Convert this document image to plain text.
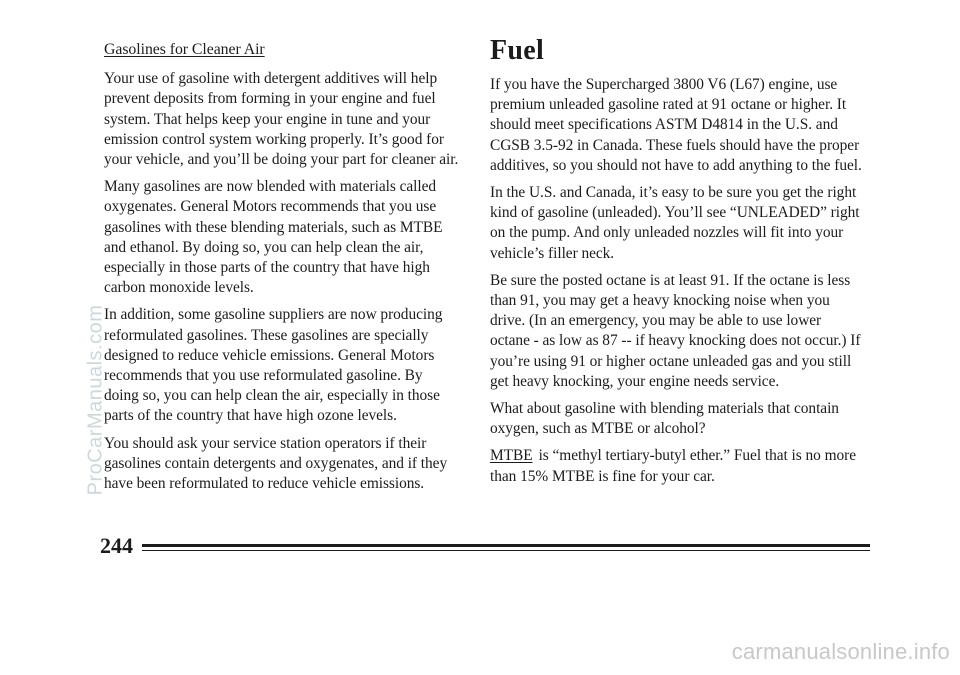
Gasolines for Cleaner Air

Your use of gasoline with detergent additives will help prevent deposits from forming in your engine and fuel system. That helps keep your engine in tune and your emission control system working properly. It’s good for your vehicle, and you’ll be doing your part for cleaner air.

Many gasolines are now blended with materials called oxygenates. General Motors recommends that you use gasolines with these blending materials, such as MTBE and ethanol. By doing so, you can help clean the air, especially in those parts of the country that have high carbon monoxide levels.

In addition, some gasoline suppliers are now producing reformulated gasolines. These gasolines are specially designed to reduce vehicle emissions. General Motors recommends that you use reformulated gasoline. By doing so, you can help clean the air, especially in those parts of the country that have high ozone levels.

You should ask your service station operators if their gasolines contain detergents and oxygenates, and if they have been reformulated to reduce vehicle emissions.

Fuel

If you have the Supercharged 3800 V6 (L67) engine, use premium unleaded gasoline rated at 91 octane or higher. It should meet specifications ASTM D4814 in the U.S. and CGSB 3.5-92 in Canada. These fuels should have the proper additives, so you should not have to add anything to the fuel.

In the U.S. and Canada, it’s easy to be sure you get the right kind of gasoline (unleaded). You’ll see “UNLEADED” right on the pump. And only unleaded nozzles will fit into your vehicle’s filler neck.

Be sure the posted octane is at least 91. If the octane is less than 91, you may get a heavy knocking noise when you drive. (In an emergency, you may be able to use lower octane - as low as 87 -- if heavy knocking does not occur.) If you’re using 91 or higher octane unleaded gas and you still get heavy knocking, your engine needs service.

What about gasoline with blending materials that contain oxygen, such as MTBE or alcohol?

MTBE is “methyl tertiary-butyl ether.” Fuel that is no more than 15% MTBE is fine for your car.

244
ProCarManuals.com
carmanualsonline.info
